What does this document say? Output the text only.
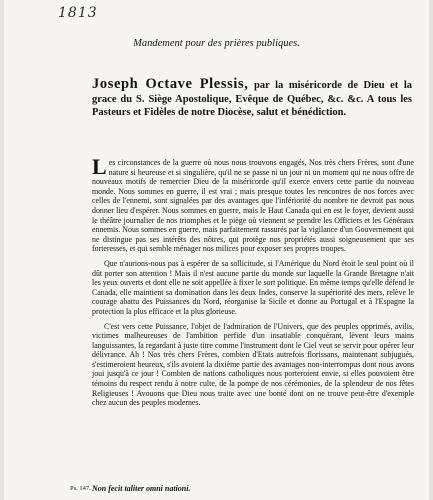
1813
Mandement pour des prières publiques.
Joseph Octave Plessis, par la miséricorde de Dieu et la grace du S. Siège Apostolique, Evêque de Québec, &c. &c. A tous les Pasteurs et Fidèles de notre Diocèse, salut et bénédiction.

Les circonstances de la guerre où nous nous trouvons engagés, Nos très chers Frères, sont d'une nature si heureuse et si singulière, qu'il ne se passe ni un jour ni un moment qui ne nous offre de nouveaux motifs de remercier Dieu de la miséricorde qu'il exerce envers cette partie du nouveau monde. Nous sommes en guerre, il est vrai ; mais presque toutes les rencontres de nos forces avec celles de l'ennemi, sont signalées par des avantages que l'infériorité du nombre ne devroit pas nous donner lieu d'espérer. Nous sommes en guerre, mais le Haut Canada qui en est le foyer, devient aussi le théâtre journalier de nos triomphes et le piège où viennent se prendre les Officiers et les Généraux ennemis. Nous sommes en guerre, mais parfaitement rassurés par la vigilance d'un Gouvernement qui ne distingue pas ses intérêts des nôtres, qui protège nos propriétés aussi soigneusement que ses forteresses, et qui semble ménager nos milices pour exposer ses propres troupes.

Que n'aurions-nous pas à espérer de sa sollicitude, si l'Amérique du Nord étoit le seul point où il dût porter son attention ! Mais il n'est aucune partie du monde sur laquelle la Grande Bretagne n'ait les yeux ouverts et dont elle ne soit appellée à fixer le sort politique. En même temps qu'elle défend le Canada, elle maintient sa domination dans les deux Indes, conserve la supériorité des mers, relève le courage abattu des Puissances du Nord, réorganise la Sicile et donne au Portugal et à l'Espagne la protection la plus efficace et la plus glorieuse.

C'est vers cette Puissance, l'objet de l'admiration de l'Univers, que des peuples opprimés, avilis, victimes malheureuses de l'ambition perfide d'un insatiable conquérant, lèvent leurs mains languissantes, la regardant à juste titre comme l'instrument dont le Ciel veut se servir pour opérer leur délivrance. Ah ! Nos très chers Frères, combien d'Etats autrefois florissans, maintenant subjugués, s'estimeroient heureux, s'ils avoient la dixième partie des avantages non-interrompus dont nous avons joui jusqu'à ce jour ! Combien de nations catholiques nous porteroient envie, si elles pouvoient être témoins du respect rendu à notre culte, de la pompe de nos cérémonies, de la splendeur de nos fêtes Religieuses ! Avouons que Dieu nous traite avec une bonté dont on ne trouve peut-être d'exemple chez aucun des peuples modernes.

Ps. 147. Non fecit taliter omni nationi.
